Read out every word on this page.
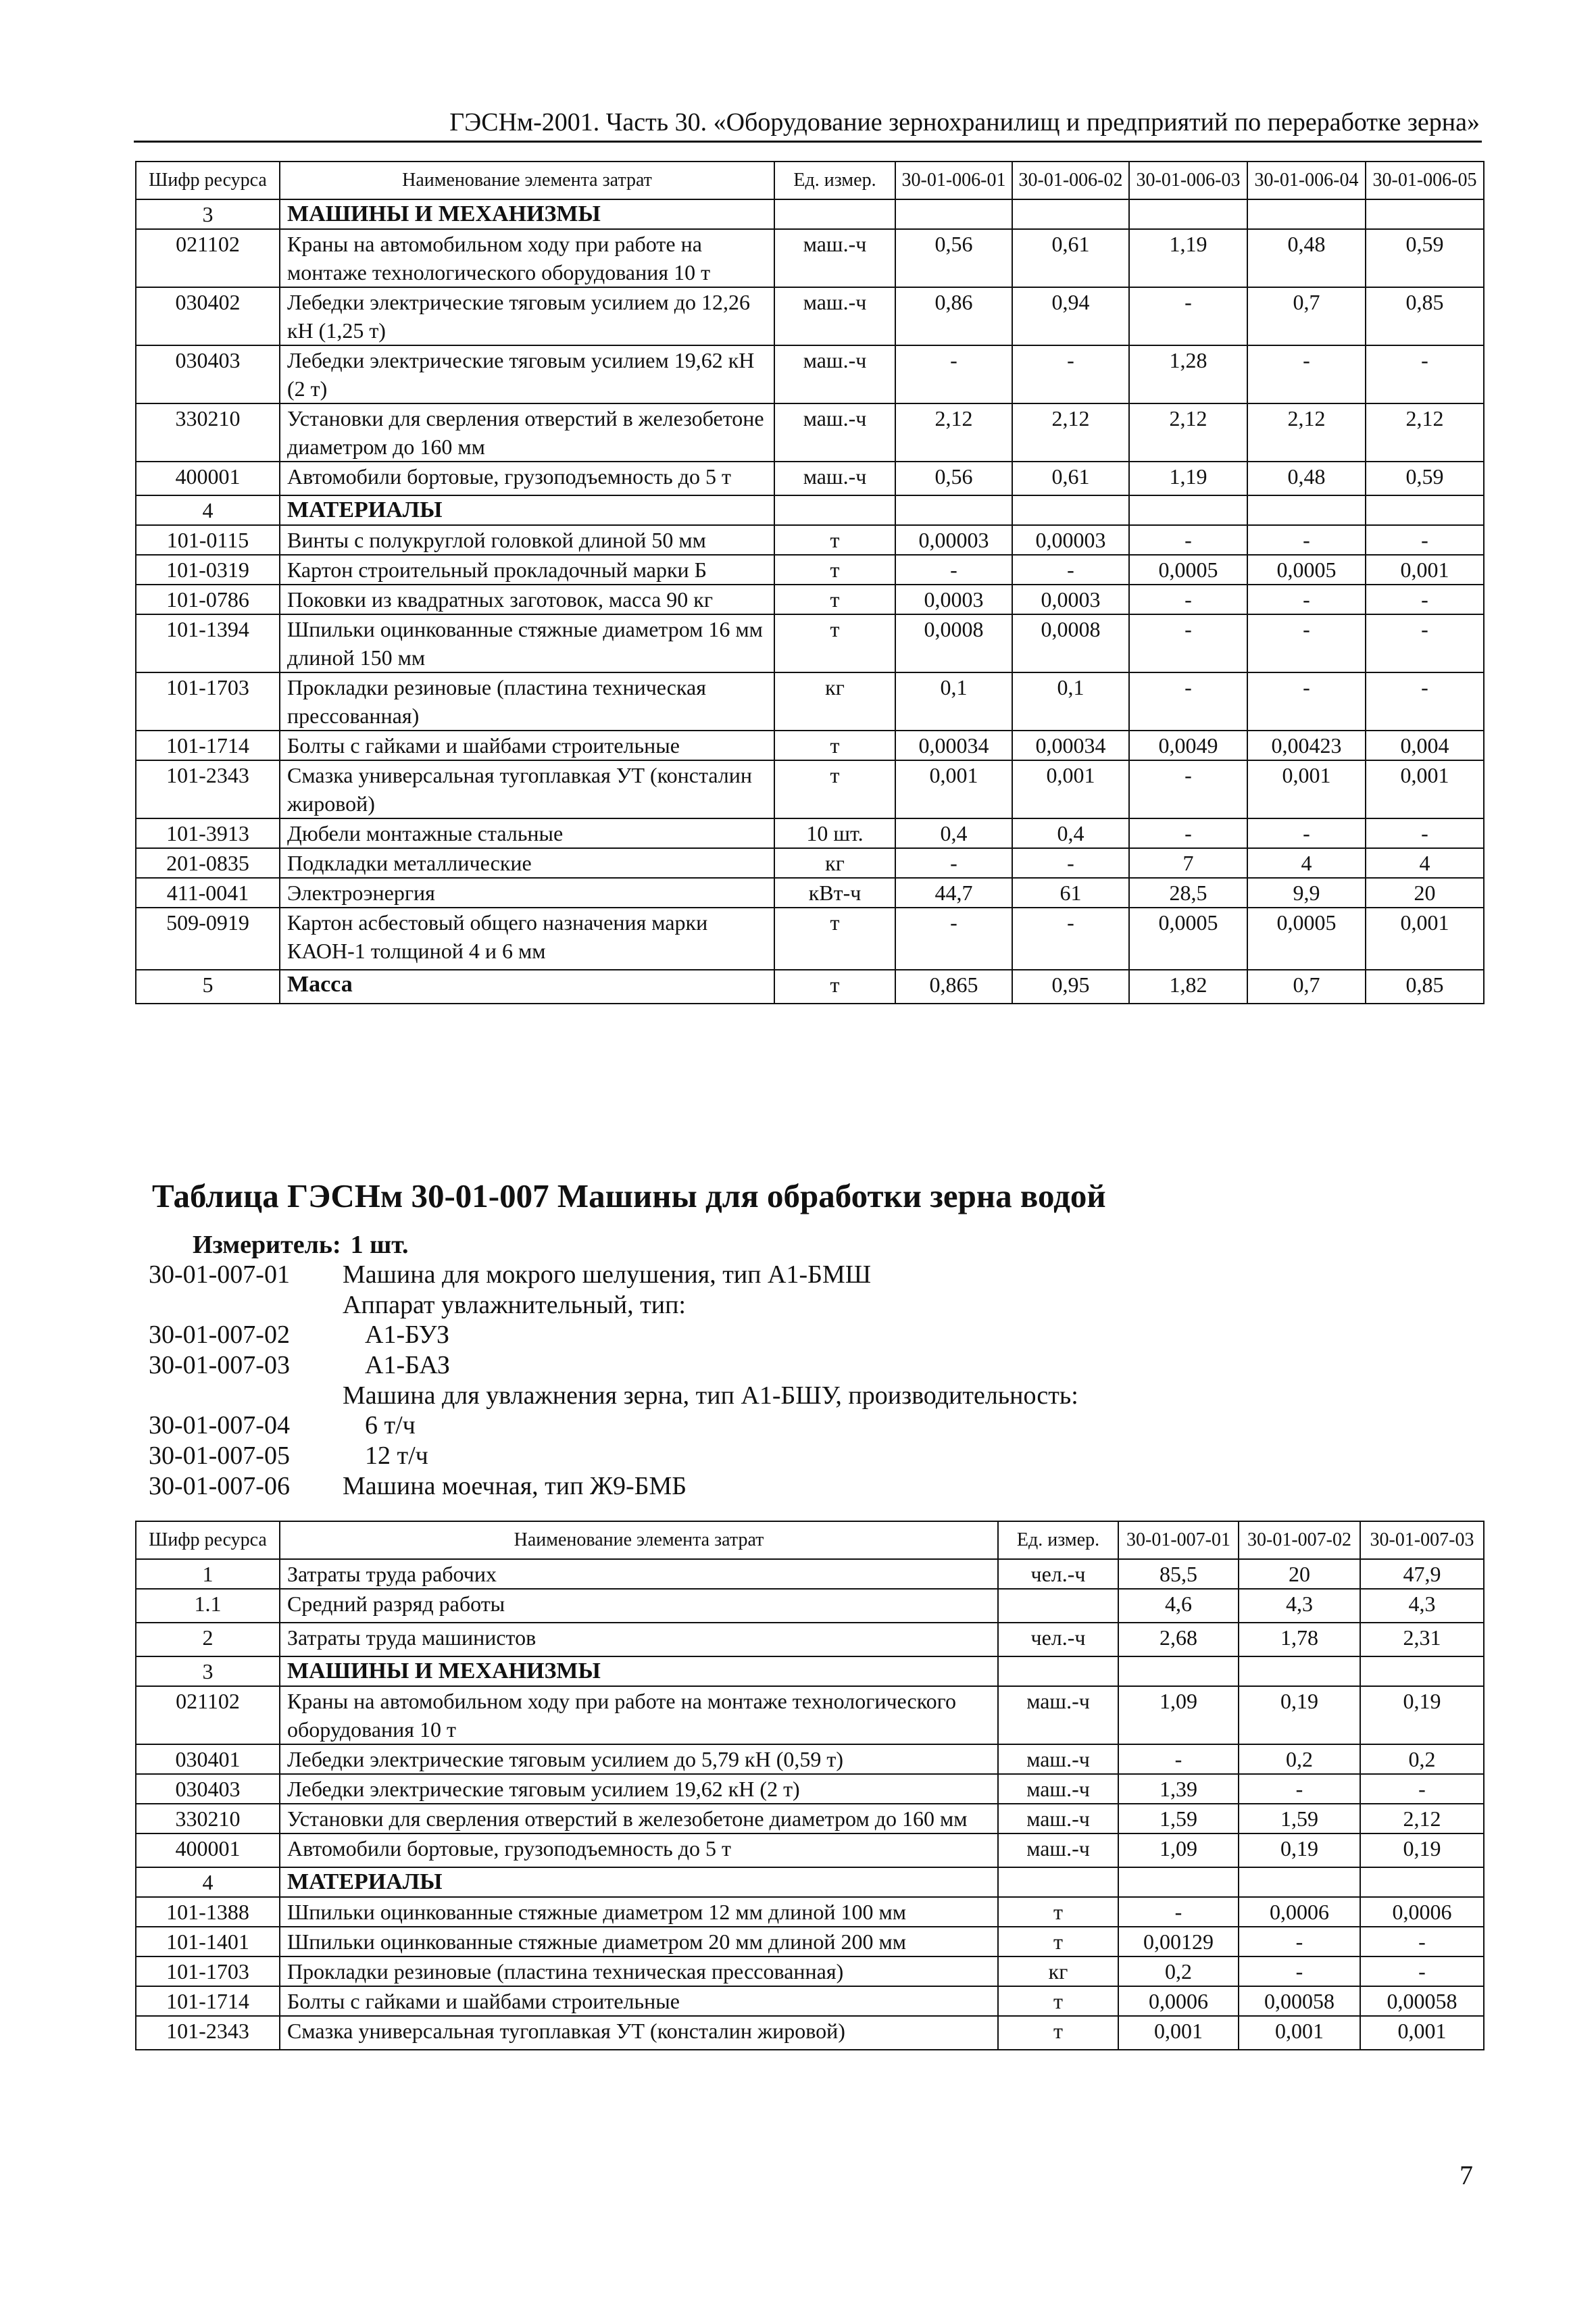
ГЭСНм-2001. Часть 30. «Оборудование зернохранилищ и предприятий по переработке зерна»
Шифр ресурса	Наименование элемента затрат	Ед. измер.	30-01-006-01	30-01-006-02	30-01-006-03	30-01-006-04	30-01-006-05
3	МАШИНЫ И МЕХАНИЗМЫ						
021102	Краны на автомобильном ходу при работе на монтаже технологического оборудования 10 т	маш.-ч	0,56	0,61	1,19	0,48	0,59
030402	Лебедки электрические тяговым усилием до 12,26 кН (1,25 т)	маш.-ч	0,86	0,94	-	0,7	0,85
030403	Лебедки электрические тяговым усилием 19,62 кН (2 т)	маш.-ч	-	-	1,28	-	-
330210	Установки для сверления отверстий в железобетоне диаметром до 160 мм	маш.-ч	2,12	2,12	2,12	2,12	2,12
400001	Автомобили бортовые, грузоподъемность до 5 т	маш.-ч	0,56	0,61	1,19	0,48	0,59
4	МАТЕРИАЛЫ						
101-0115	Винты с полукруглой головкой длиной 50 мм	т	0,00003	0,00003	-	-	-
101-0319	Картон строительный прокладочный марки Б	т	-	-	0,0005	0,0005	0,001
101-0786	Поковки из квадратных заготовок, масса 90 кг	т	0,0003	0,0003	-	-	-
101-1394	Шпильки оцинкованные стяжные диаметром 16 мм длиной 150 мм	т	0,0008	0,0008	-	-	-
101-1703	Прокладки резиновые (пластина техническая прессованная)	кг	0,1	0,1	-	-	-
101-1714	Болты с гайками и шайбами строительные	т	0,00034	0,00034	0,0049	0,00423	0,004
101-2343	Смазка универсальная тугоплавкая УТ (консталин жировой)	т	0,001	0,001	-	0,001	0,001
101-3913	Дюбели монтажные стальные	10 шт.	0,4	0,4	-	-	-
201-0835	Подкладки металлические	кг	-	-	7	4	4
411-0041	Электроэнергия	кВт-ч	44,7	61	28,5	9,9	20
509-0919	Картон асбестовый общего назначения марки КАОН-1 толщиной 4 и 6 мм	т	-	-	0,0005	0,0005	0,001
5	Масса	т	0,865	0,95	1,82	0,7	0,85
Таблица ГЭСНм 30-01-007 Машины для обработки зерна водой
Измеритель: 1 шт.
30-01-007-01 Машина для мокрого шелушения, тип А1-БМШ
Аппарат увлажнительный, тип:
30-01-007-02	А1-БУЗ
30-01-007-03	А1-БАЗ
Машина для увлажнения зерна, тип А1-БШУ, производительность:
30-01-007-04	6 т/ч
30-01-007-05	12 т/ч
30-01-007-06 Машина моечная, тип Ж9-БМБ
Шифр ресурса	Наименование элемента затрат	Ед. измер.	30-01-007-01	30-01-007-02	30-01-007-03
1	Затраты труда рабочих	чел.-ч	85,5	20	47,9
1.1	Средний разряд работы		4,6	4,3	4,3
2	Затраты труда машинистов	чел.-ч	2,68	1,78	2,31
3	МАШИНЫ И МЕХАНИЗМЫ				
021102	Краны на автомобильном ходу при работе на монтаже технологического оборудования 10 т	маш.-ч	1,09	0,19	0,19
030401	Лебедки электрические тяговым усилием до 5,79 кН (0,59 т)	маш.-ч	-	0,2	0,2
030403	Лебедки электрические тяговым усилием 19,62 кН (2 т)	маш.-ч	1,39	-	-
330210	Установки для сверления отверстий в железобетоне диаметром до 160 мм	маш.-ч	1,59	1,59	2,12
400001	Автомобили бортовые, грузоподъемность до 5 т	маш.-ч	1,09	0,19	0,19
4	МАТЕРИАЛЫ				
101-1388	Шпильки оцинкованные стяжные диаметром 12 мм длиной 100 мм	т	-	0,0006	0,0006
101-1401	Шпильки оцинкованные стяжные диаметром 20 мм длиной 200 мм	т	0,00129	-	-
101-1703	Прокладки резиновые (пластина техническая прессованная)	кг	0,2	-	-
101-1714	Болты с гайками и шайбами строительные	т	0,0006	0,00058	0,00058
101-2343	Смазка универсальная тугоплавкая УТ (консталин жировой)	т	0,001	0,001	0,001
7
